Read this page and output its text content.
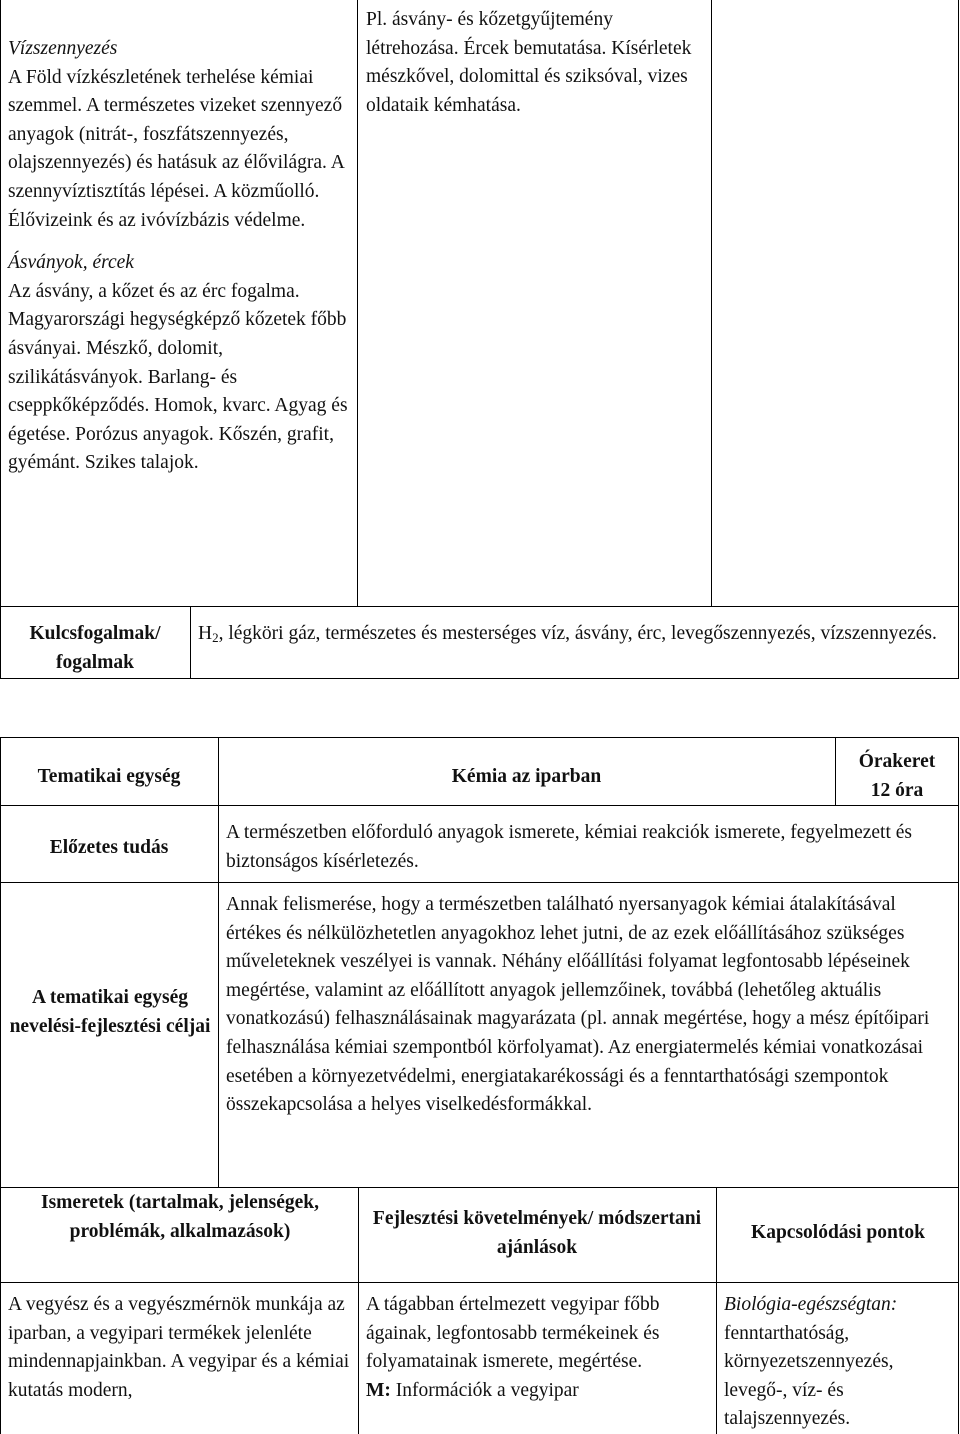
Vízszennyezés

A Föld vízkészletének terhelése kémiai szemmel. A természetes vizeket szennyező anyagok (nitrát-, foszfátszennyezés, olajszennyezés) és hatásuk az élővilágra. A szennyvíztisztítás lépései. A közműolló. Élővizeink és az ivóvízbázis védelme.

Ásványok, ércek

Az ásvány, a kőzet és az érc fogalma. Magyarországi hegységképző kőzetek főbb ásványai. Mészkő, dolomit, szilikátásványok. Barlang- és cseppkőképződés. Homok, kvarc. Agyag és égetése. Porózus anyagok. Kőszén, grafit, gyémánt. Szikes talajok.

Pl. ásvány- és kőzetgyűjtemény létrehozása. Ércek bemutatása. Kísérletek mészkővel, dolomittal és sziksóval, vizes oldataik kémhatása.

Kulcsfogalmak/ fogalmak
$H_2$, légköri gáz, természetes és mesterséges víz, ásvány, érc, levegőszennyezés, vízszennyezés.
Tematikai egység	Kémia az iparban
Órakeret
12 óra
Előzetes tudás
A természetben előforduló anyagok ismerete, kémiai reakciók ismerete, fegyelmezett és biztonságos kísérletezés.
A tematikai egység nevelési-fejlesztési céljai
Annak felismerése, hogy a természetben található nyersanyagok kémiai átalakításával értékes és nélkülözhetetlen anyagokhoz lehet jutni, de az ezek előállításához szükséges műveleteknek veszélyei is vannak. Néhány előállítási folyamat legfontosabb lépéseinek megértése, valamint az előállított anyagok jellemzőinek, továbbá (lehetőleg aktuális vonatkozású) felhasználásainak magyarázata (pl. annak megértése, hogy a mész építőipari felhasználása kémiai szempontból körfolyamat). Az energiatermelés kémiai vonatkozásai esetében a környezetvédelmi, energiatakarékossági és a fenntarthatósági szempontok összekapcsolása a helyes viselkedésformákkal.
Ismeretek (tartalmak, jelenségek, problémák, alkalmazások)
Fejlesztési követelmények/ módszertani ajánlások
Kapcsolódási pontok
A vegyész és a vegyészmérnök munkája az iparban, a vegyipari termékek jelenléte mindennapjainkban. A vegyipar és a kémiai kutatás modern,

A tágabban értelmezett vegyipar főbb ágainak, legfontosabb termékeinek és folyamatainak ismerete, megértése.

M: Információk a vegyipar

Biológia-egészségtan:

fenntarthatóság, környezetszennyezés, levegő-, víz- és talajszennyezés.
